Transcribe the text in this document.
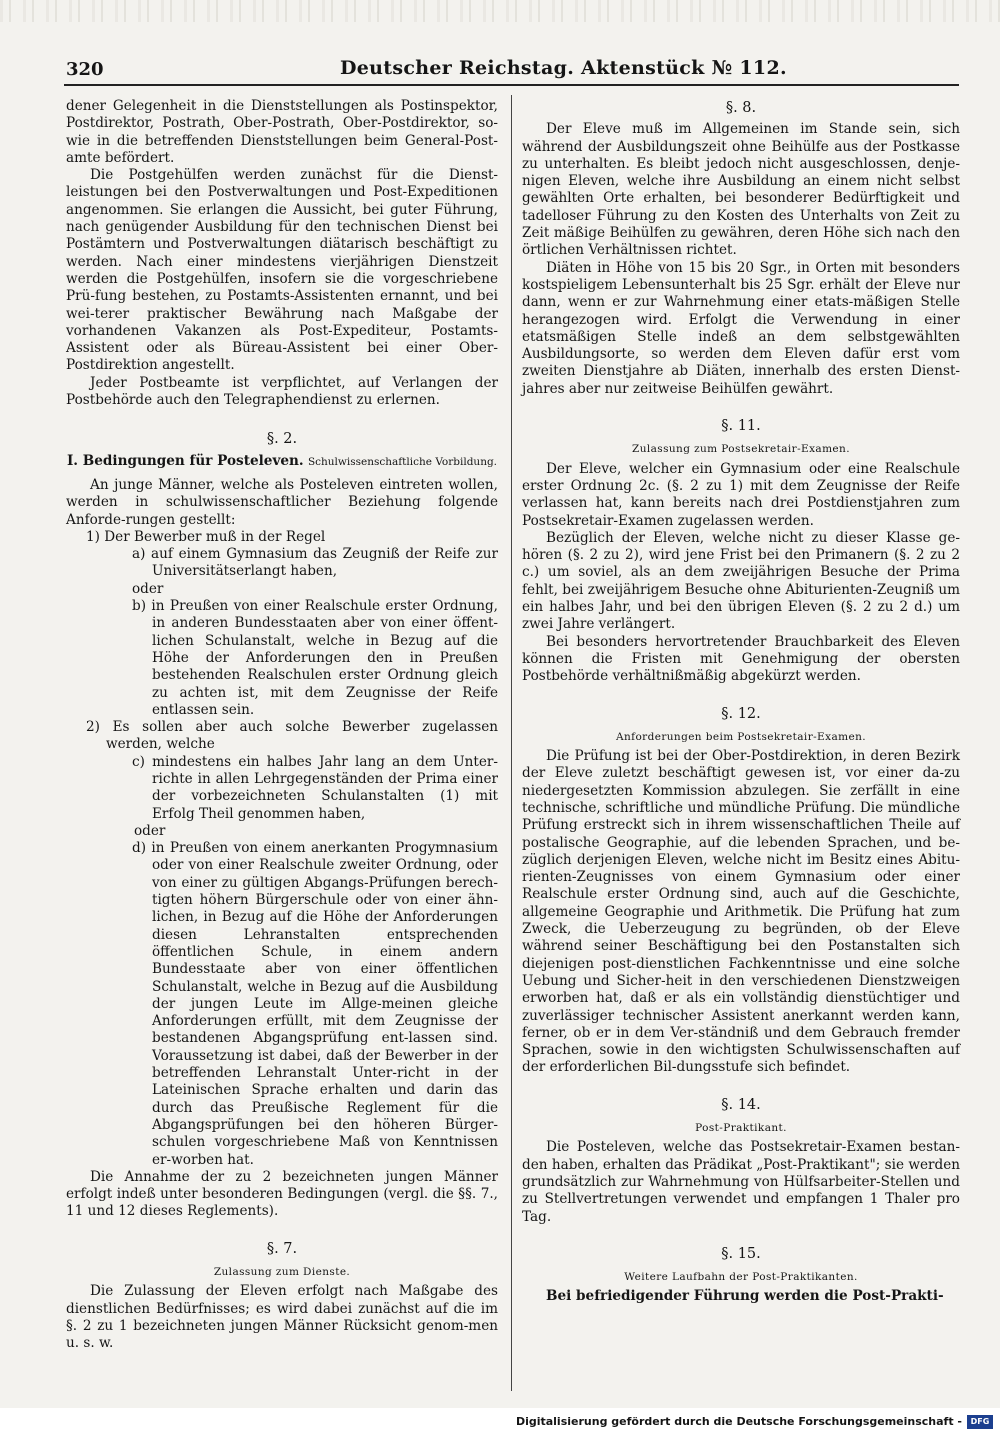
320	Deutscher Reichstag. Aktenstück № 112.

dener Gelegenheit in die Dienststellungen als Postinspektor, Postdirektor, Postrath, Ober-Postrath, Ober-Postdirektor, so-wie in die betreffenden Dienststellungen beim General-Post-amte befördert.

Die Postgehülfen werden zunächst für die Dienst-leistungen bei den Postverwaltungen und Post-Expeditionen angenommen. Sie erlangen die Aussicht, bei guter Führung, nach genügender Ausbildung für den technischen Dienst bei Postämtern und Postverwaltungen diätarisch beschäftigt zu werden. Nach einer mindestens vierjährigen Dienstzeit werden die Postgehülfen, insofern sie die vorgeschriebene Prü-fung bestehen, zu Postamts-Assistenten ernannt, und bei wei-terer praktischer Bewährung nach Maßgabe der vorhandenen Vakanzen als Post-Expediteur, Postamts-Assistent oder als Büreau-Assistent bei einer Ober-Postdirektion angestellt.

Jeder Postbeamte ist verpflichtet, auf Verlangen der Postbehörde auch den Telegraphendienst zu erlernen.

§. 2.

I. Bedingungen für Posteleven. Schulwissenschaftliche Vorbildung.

An junge Männer, welche als Posteleven eintreten wollen, werden in schulwissenschaftlicher Beziehung folgende Anforde-rungen gestellt:

1) Der Bewerber muß in der Regel

a) auf einem Gymnasium das Zeugniß der Reife zur Universitätserlangt haben,

oder

b) in Preußen von einer Realschule erster Ordnung, in anderen Bundesstaaten aber von einer öffent-lichen Schulanstalt, welche in Bezug auf die Höhe der Anforderungen den in Preußen bestehenden Realschulen erster Ordnung gleich zu achten ist, mit dem Zeugnisse der Reife entlassen sein.

2) Es sollen aber auch solche Bewerber zugelassen werden, welche

c) mindestens ein halbes Jahr lang an dem Unter-richte in allen Lehrgegenständen der Prima einer der vorbezeichneten Schulanstalten (1) mit Erfolg Theil genommen haben,

oder

d) in Preußen von einem anerkanten Progymnasium oder von einer Realschule zweiter Ordnung, oder von einer zu gültigen Abgangs-Prüfungen berech-tigten höhern Bürgerschule oder von einer ähn-lichen, in Bezug auf die Höhe der Anforderungen diesen Lehranstalten entsprechenden öffentlichen Schule, in einem andern Bundesstaate aber von einer öffentlichen Schulanstalt, welche in Bezug auf die Ausbildung der jungen Leute im Allge-meinen gleiche Anforderungen erfüllt, mit dem Zeugnisse der bestandenen Abgangsprüfung ent-lassen sind. Voraussetzung ist dabei, daß der Bewerber in der betreffenden Lehranstalt Unter-richt in der Lateinischen Sprache erhalten und darin das durch das Preußische Reglement für die Abgangsprüfungen bei den höheren Bürger-schulen vorgeschriebene Maß von Kenntnissen er-worben hat.

Die Annahme der zu 2 bezeichneten jungen Männer erfolgt indeß unter besonderen Bedingungen (vergl. die §§. 7., 11 und 12 dieses Reglements).

§. 7.
Zulassung zum Dienste.

Die Zulassung der Eleven erfolgt nach Maßgabe des dienstlichen Bedürfnisses; es wird dabei zunächst auf die im §. 2 zu 1 bezeichneten jungen Männer Rücksicht genom-men u. s. w.

§. 8.

Der Eleve muß im Allgemeinen im Stande sein, sich während der Ausbildungszeit ohne Beihülfe aus der Postkasse zu unterhalten. Es bleibt jedoch nicht ausgeschlossen, denje-nigen Eleven, welche ihre Ausbildung an einem nicht selbst gewählten Orte erhalten, bei besonderer Bedürftigkeit und tadelloser Führung zu den Kosten des Unterhalts von Zeit zu Zeit mäßige Beihülfen zu gewähren, deren Höhe sich nach den örtlichen Verhältnissen richtet.

Diäten in Höhe von 15 bis 20 Sgr., in Orten mit besonders kostspieligem Lebensunterhalt bis 25 Sgr. erhält der Eleve nur dann, wenn er zur Wahrnehmung einer etats-mäßigen Stelle herangezogen wird. Erfolgt die Verwendung in einer etatsmäßigen Stelle indeß an dem selbstgewählten Ausbildungsorte, so werden dem Eleven dafür erst vom zweiten Dienstjahre ab Diäten, innerhalb des ersten Dienst-jahres aber nur zeitweise Beihülfen gewährt.

§. 11.
Zulassung zum Postsekretair-Examen.

Der Eleve, welcher ein Gymnasium oder eine Realschule erster Ordnung 2c. (§. 2 zu 1) mit dem Zeugnisse der Reife verlassen hat, kann bereits nach drei Postdienstjahren zum Postsekretair-Examen zugelassen werden.

Bezüglich der Eleven, welche nicht zu dieser Klasse ge-hören (§. 2 zu 2), wird jene Frist bei den Primanern (§. 2 zu 2 c.) um soviel, als an dem zweijährigen Besuche der Prima fehlt, bei zweijährigem Besuche ohne Abiturienten-Zeugniß um ein halbes Jahr, und bei den übrigen Eleven (§. 2 zu 2 d.) um zwei Jahre verlängert.

Bei besonders hervortretender Brauchbarkeit des Eleven können die Fristen mit Genehmigung der obersten Postbehörde verhältnißmäßig abgekürzt werden.

§. 12.
Anforderungen beim Postsekretair-Examen.

Die Prüfung ist bei der Ober-Postdirektion, in deren Bezirk der Eleve zuletzt beschäftigt gewesen ist, vor einer da-zu niedergesetzten Kommission abzulegen. Sie zerfällt in eine technische, schriftliche und mündliche Prüfung. Die mündliche Prüfung erstreckt sich in ihrem wissenschaftlichen Theile auf postalische Geographie, auf die lebenden Sprachen, und be-züglich derjenigen Eleven, welche nicht im Besitz eines Abitu-rienten-Zeugnisses von einem Gymnasium oder einer Realschule erster Ordnung sind, auch auf die Geschichte, allgemeine Geographie und Arithmetik. Die Prüfung hat zum Zweck, die Ueberzeugung zu begründen, ob der Eleve während seiner Beschäftigung bei den Postanstalten sich diejenigen post-dienstlichen Fachkenntnisse und eine solche Uebung und Sicher-heit in den verschiedenen Dienstzweigen erworben hat, daß er als ein vollständig dienstüchtiger und zuverlässiger technischer Assistent anerkannt werden kann, ferner, ob er in dem Ver-ständniß und dem Gebrauch fremder Sprachen, sowie in den wichtigsten Schulwissenschaften auf der erforderlichen Bil-dungsstufe sich befindet.

§. 14.
Post-Praktikant.

Die Posteleven, welche das Postsekretair-Examen bestan-den haben, erhalten das Prädikat „Post-Praktikant"; sie werden grundsätzlich zur Wahrnehmung von Hülfsarbeiter-Stellen und zu Stellvertretungen verwendet und empfangen 1 Thaler pro Tag.

§. 15.
Weitere Laufbahn der Post-Praktikanten.

Bei befriedigender Führung werden die Post-Prakti-

Digitalisierung gefördert durch die Deutsche Forschungsgemeinschaft -	DFG
